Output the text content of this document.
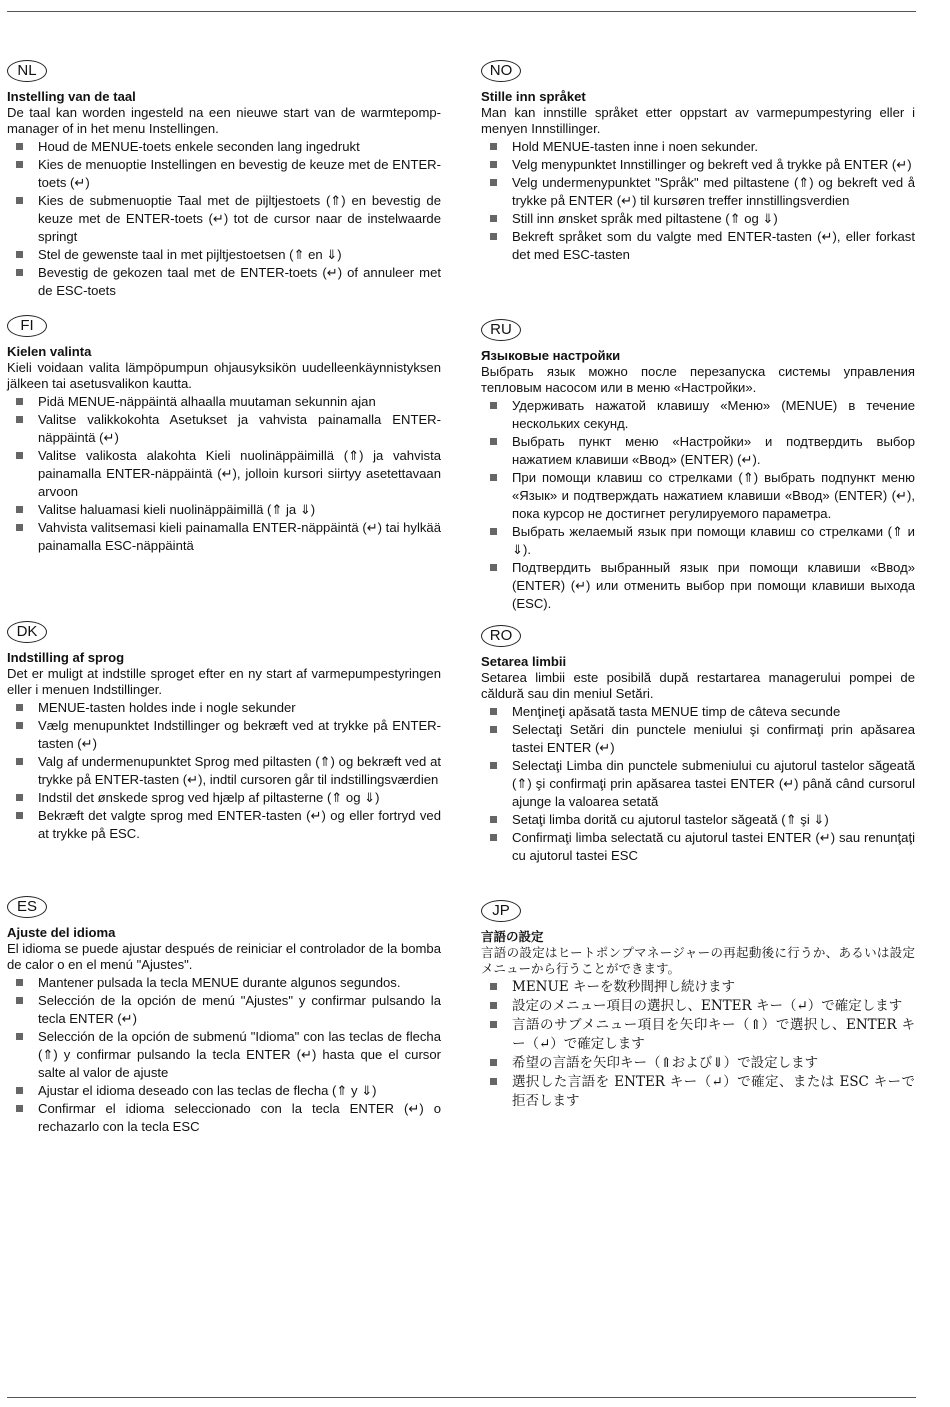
NL
Instelling van de taal
De taal kan worden ingesteld na een nieuwe start van de warmtepomp-manager of in het menu Instellingen.
Houd de MENUE-toets enkele seconden lang ingedrukt
Kies de menuoptie Instellingen en bevestig de keuze met de ENTER-toets (↵)
Kies de submenuoptie Taal met de pijltjestoets (⇑) en bevestig de keuze met de ENTER-toets (↵) tot de cursor naar de instelwaarde springt
Stel de gewenste taal in met pijltjestoetsen (⇑ en ⇓)
Bevestig de gekozen taal met de ENTER-toets (↵) of annuleer met de ESC-toets
NO
Stille inn språket
Man kan innstille språket etter oppstart av varmepumpestyring eller i menyen Innstillinger.
Hold MENUE-tasten inne i noen sekunder.
Velg menypunktet Innstillinger og bekreft ved å trykke på ENTER (↵)
Velg undermenypunktet "Språk" med piltastene (⇑) og bekreft ved å trykke på ENTER (↵) til kursøren treffer innstillingsverdien
Still inn ønsket språk med piltastene (⇑ og ⇓)
Bekreft språket som du valgte med ENTER-tasten (↵), eller forkast det med ESC-tasten
FI
Kielen valinta
Kieli voidaan valita lämpöpumpun ohjausyksikön uudelleenkäynnistyksen jälkeen tai asetusvalikon kautta.
Pidä MENUE-näppäintä alhaalla muutaman sekunnin ajan
Valitse valikkokohta Asetukset ja vahvista painamalla ENTER-näppäintä (↵)
Valitse valikosta alakohta Kieli nuolinäppäimillä (⇑) ja vahvista painamalla ENTER-näppäintä (↵), jolloin kursori siirtyy asetettavaan arvoon
Valitse haluamasi kieli nuolinäppäimillä (⇑ ja ⇓)
Vahvista valitsemasi kieli painamalla ENTER-näppäintä (↵) tai hylkää painamalla ESC-näppäintä
RU
Языковые настройки
Выбрать язык можно после перезапуска системы управления тепловым насосом или в меню «Настройки».
Удерживать нажатой клавишу «Меню» (MENUE) в течение нескольких секунд.
Выбрать пункт меню «Настройки» и подтвердить выбор нажатием клавиши «Ввод» (ENTER) (↵).
При помощи клавиш со стрелками (⇑) выбрать подпункт меню «Язык» и подтверждать нажатием клавиши «Ввод» (ENTER) (↵), пока курсор не достигнет регулируемого параметра.
Выбрать желаемый язык при помощи клавиш со стрелками (⇑ и ⇓).
Подтвердить выбранный язык при помощи клавиши «Ввод» (ENTER) (↵) или отменить выбор при помощи клавиши выхода (ESC).
DK
Indstilling af sprog
Det er muligt at indstille sproget efter en ny start af varmepumpestyringen eller i menuen Indstillinger.
MENUE-tasten holdes inde i nogle sekunder
Vælg menupunktet Indstillinger og bekræft ved at trykke på ENTER-tasten (↵)
Valg af undermenupunktet Sprog med piltasten (⇑) og bekræft ved at trykke på ENTER-tasten (↵), indtil cursoren går til indstillingsværdien
Indstil det ønskede sprog ved hjælp af piltasterne (⇑ og ⇓)
Bekræft det valgte sprog med ENTER-tasten (↵) og eller fortryd ved at trykke på ESC.
RO
Setarea limbii
Setarea limbii este posibilă după restartarea managerului pompei de căldură sau din meniul Setări.
Menţineţi apăsată tasta MENUE timp de câteva secunde
Selectaţi Setări din punctele meniului şi confirmaţi prin apăsarea tastei ENTER (↵)
Selectaţi Limba din punctele submeniului cu ajutorul tastelor săgeată (⇑) şi confirmaţi prin apăsarea tastei ENTER (↵) până când cursorul ajunge la valoarea setată
Setaţi limba dorită cu ajutorul tastelor săgeată (⇑ şi ⇓)
Confirmaţi limba selectată cu ajutorul tastei ENTER (↵) sau renunţaţi cu ajutorul tastei ESC
ES
Ajuste del idioma
El idioma se puede ajustar después de reiniciar el controlador de la bomba de calor o en el menú "Ajustes".
Mantener pulsada la tecla MENUE durante algunos segundos.
Selección de la opción de menú "Ajustes" y confirmar pulsando la tecla ENTER (↵)
Selección de la opción de submenú "Idioma" con las teclas de flecha (⇑) y confirmar pulsando la tecla ENTER (↵) hasta que el cursor salte al valor de ajuste
Ajustar el idioma deseado con las teclas de flecha (⇑ y ⇓)
Confirmar el idioma seleccionado con la tecla ENTER (↵) o rechazarlo con la tecla ESC
JP
言語の設定
言語の設定はヒートポンプマネージャーの再起動後に行うか、あるいは設定メニューから行うことができます。
MENUE キーを数秒間押し続けます
設定のメニュー項目の選択し、ENTER キー（↵）で確定します
言語のサブメニュー項目を矢印キー（⇑）で選択し、ENTER キー（↵）で確定します
希望の言語を矢印キー（⇑および⇓）で設定します
選択した言語を ENTER キー（↵）で確定、または ESC キーで拒否します
